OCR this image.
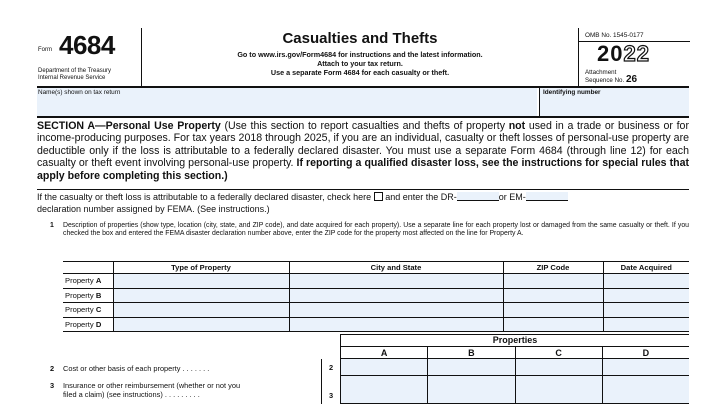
Form 4684
Department of the Treasury
Internal Revenue Service
Casualties and Thefts
Go to www.irs.gov/Form4684 for instructions and the latest information.
Attach to your tax return.
Use a separate Form 4684 for each casualty or theft.
OMB No. 1545-0177
2022
Attachment
Sequence No. 26
Name(s) shown on tax return	Identifying number
SECTION A—Personal Use Property (Use this section to report casualties and thefts of property not used in a trade or business or for income-producing purposes. For tax years 2018 through 2025, if you are an individual, casualty or theft losses of personal-use property are deductible only if the loss is attributable to a federally declared disaster. You must use a separate Form 4684 (through line 12) for each casualty or theft event involving personal-use property. If reporting a qualified disaster loss, see the instructions for special rules that apply before completing this section.)
If the casualty or theft loss is attributable to a federally declared disaster, check here and enter the DR-	or EM-
declaration number assigned by FEMA. (See instructions.)
1 Description of properties (show type, location (city, state, and ZIP code), and date acquired for each property). Use a separate line for each property lost or damaged from the same casualty or theft. If you checked the box and entered the FEMA disaster declaration number above, enter the ZIP code for the property most affected on the line for Property A.
	Type of Property	City and State	ZIP Code	Date Acquired
Property A				
Property B				
Property C				
Property D				
Properties
A	B	C	D
2 Cost or other basis of each property . . . . . . .	2
3 Insurance or other reimbursement (whether or not you
filed a claim) (see instructions) . . . . . . . . .	3
